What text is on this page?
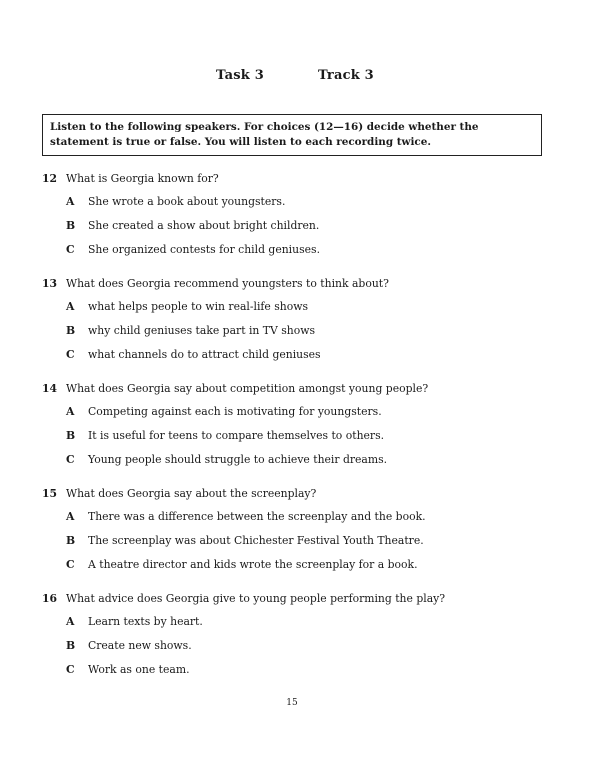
Task 3	Track 3
Listen to the following speakers. For choices (12—16) decide whether the statement is true or false. You will listen to each recording twice.
12 What is Georgia known for?
A She wrote a book about youngsters.
B She created a show about bright children.
C She organized contests for child geniuses.
13 What does Georgia recommend youngsters to think about?
A what helps people to win real-life shows
B why child geniuses take part in TV shows
C what channels do to attract child geniuses
14 What does Georgia say about competition amongst young people?
A Competing against each is motivating for youngsters.
B It is useful for teens to compare themselves to others.
C Young people should struggle to achieve their dreams.
15 What does Georgia say about the screenplay?
A There was a difference between the screenplay and the book.
B The screenplay was about Chichester Festival Youth Theatre.
C A theatre director and kids wrote the screenplay for a book.
16 What advice does Georgia give to young people performing the play?
A Learn texts by heart.
B Create new shows.
C Work as one team.
15
